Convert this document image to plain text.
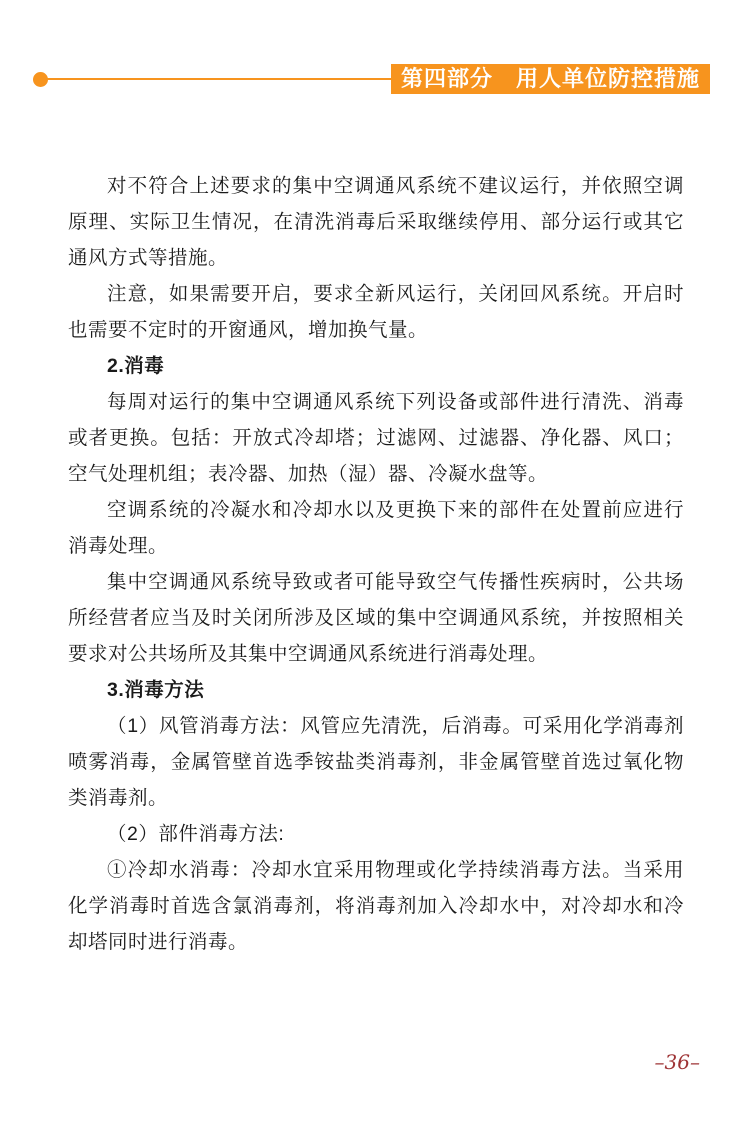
第四部分　用人单位防控措施

对不符合上述要求的集中空调通风系统不建议运行，并依照空调原理、实际卫生情况，在清洗消毒后采取继续停用、部分运行或其它通风方式等措施。

注意，如果需要开启，要求全新风运行，关闭回风系统。开启时也需要不定时的开窗通风，增加换气量。

2.消毒

每周对运行的集中空调通风系统下列设备或部件进行清洗、消毒或者更换。包括：开放式冷却塔；过滤网、过滤器、净化器、风口；空气处理机组；表冷器、加热（湿）器、冷凝水盘等。

空调系统的冷凝水和冷却水以及更换下来的部件在处置前应进行消毒处理。

集中空调通风系统导致或者可能导致空气传播性疾病时，公共场所经营者应当及时关闭所涉及区域的集中空调通风系统，并按照相关要求对公共场所及其集中空调通风系统进行消毒处理。

3.消毒方法

（1）风管消毒方法：风管应先清洗，后消毒。可采用化学消毒剂喷雾消毒，金属管壁首选季铵盐类消毒剂，非金属管壁首选过氧化物类消毒剂。

（2）部件消毒方法:

①冷却水消毒：冷却水宜采用物理或化学持续消毒方法。当采用化学消毒时首选含氯消毒剂，将消毒剂加入冷却水中，对冷却水和冷却塔同时进行消毒。

–36–
